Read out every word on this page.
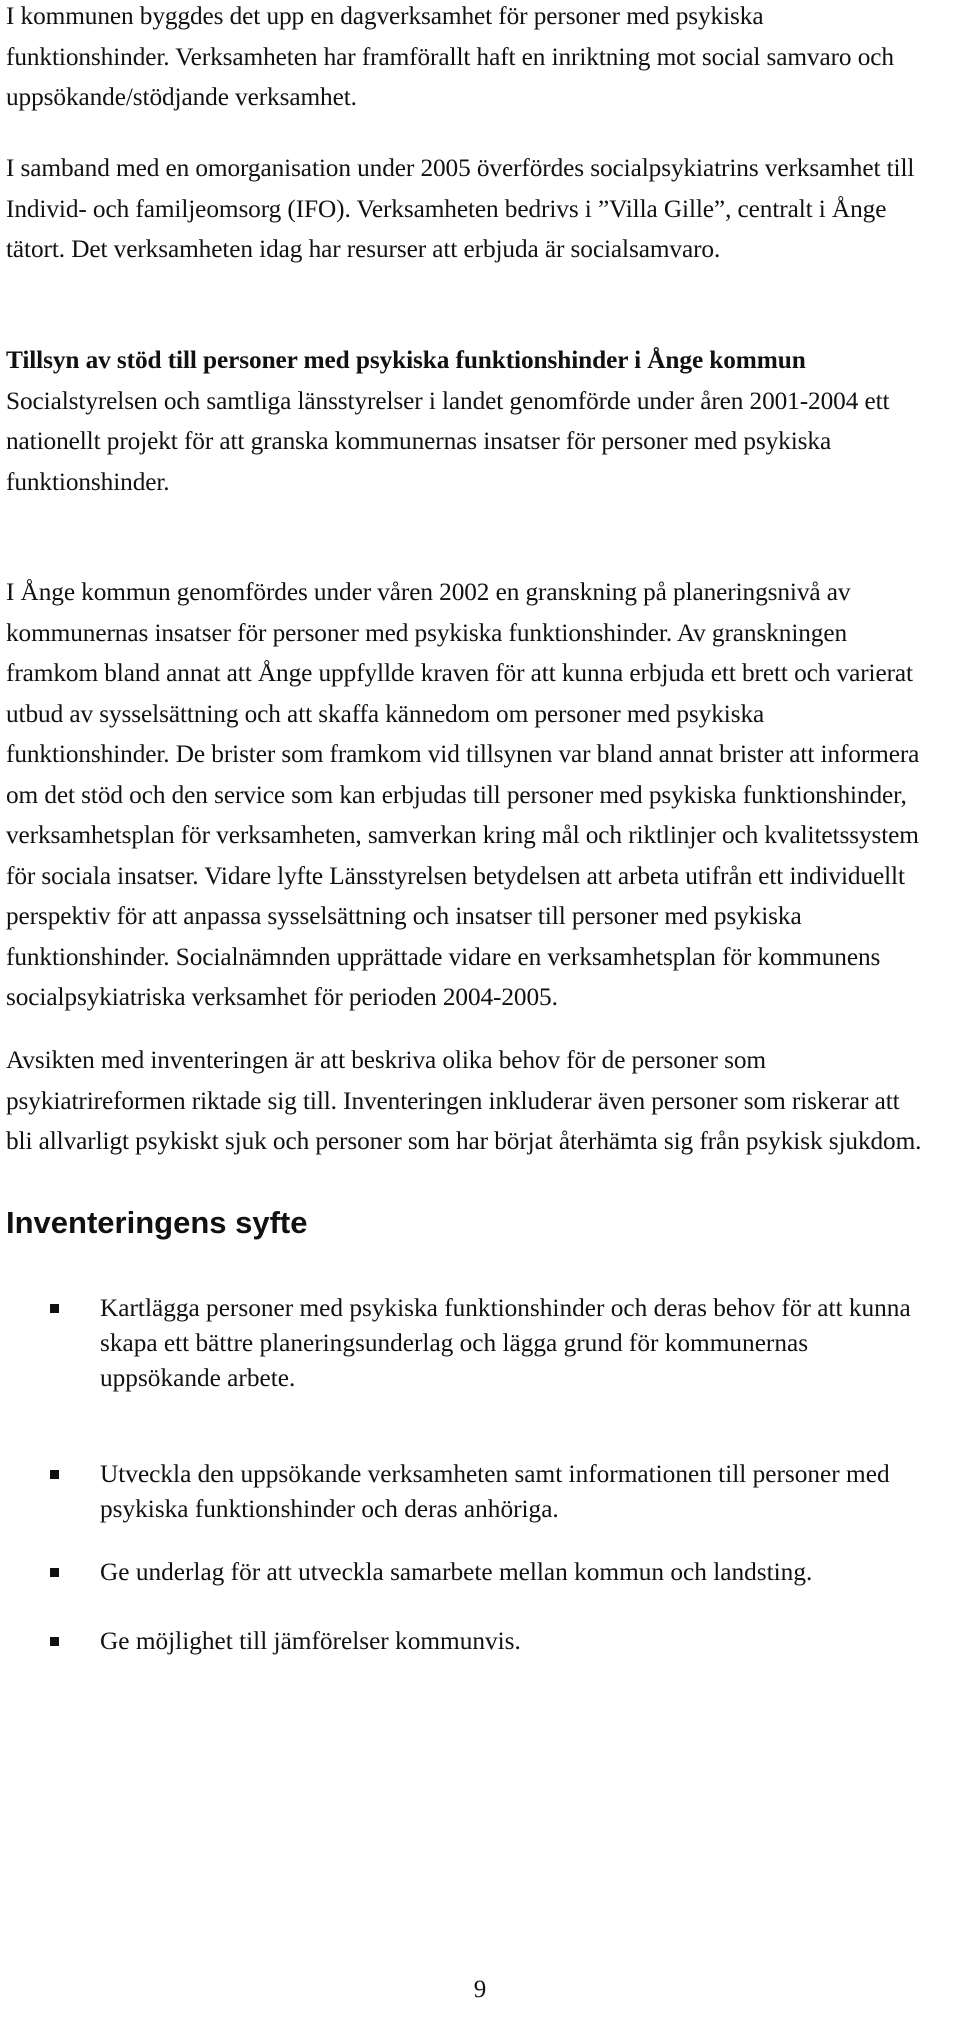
I kommunen byggdes det upp en dagverksamhet för personer med psykiska funktionshinder. Verksamheten har framförallt haft en inriktning mot social samvaro och uppsökande/stödjande verksamhet.

I samband med en omorganisation under 2005 överfördes socialpsykiatrins verksamhet till Individ- och familjeomsorg (IFO). Verksamheten bedrivs i ”Villa Gille”, centralt i Ånge tätort. Det verksamheten idag har resurser att erbjuda är socialsamvaro.

Tillsyn av stöd till personer med psykiska funktionshinder i Ånge kommun
Socialstyrelsen och samtliga länsstyrelser i landet genomförde under åren 2001-2004 ett nationellt projekt för att granska kommunernas insatser för personer med psykiska funktionshinder.

I Ånge kommun genomfördes under våren 2002 en granskning på planeringsnivå av kommunernas insatser för personer med psykiska funktionshinder. Av granskningen framkom bland annat att Ånge uppfyllde kraven för att kunna erbjuda ett brett och varierat utbud av sysselsättning och att skaffa kännedom om personer med psykiska funktionshinder. De brister som framkom vid tillsynen var bland annat brister att informera om det stöd och den service som kan erbjudas till personer med psykiska funktionshinder, verksamhetsplan för verksamheten, samverkan kring mål och riktlinjer och kvalitetssystem för sociala insatser. Vidare lyfte Länsstyrelsen betydelsen att arbeta utifrån ett individuellt perspektiv för att anpassa sysselsättning och insatser till personer med psykiska funktionshinder. Socialnämnden upprättade vidare en verksamhetsplan för kommunens socialpsykiatriska verksamhet för perioden 2004-2005.

Avsikten med inventeringen är att beskriva olika behov för de personer som psykiatrireformen riktade sig till. Inventeringen inkluderar även personer som riskerar att bli allvarligt psykiskt sjuk och personer som har börjat återhämta sig från psykisk sjukdom.

Inventeringens syfte

Kartlägga personer med psykiska funktionshinder och deras behov för att kunna skapa ett bättre planeringsunderlag och lägga grund för kommunernas uppsökande arbete.

Utveckla den uppsökande verksamheten samt informationen till personer med psykiska funktionshinder och deras anhöriga.

Ge underlag för att utveckla samarbete mellan kommun och landsting.

Ge möjlighet till jämförelser kommunvis.

9
